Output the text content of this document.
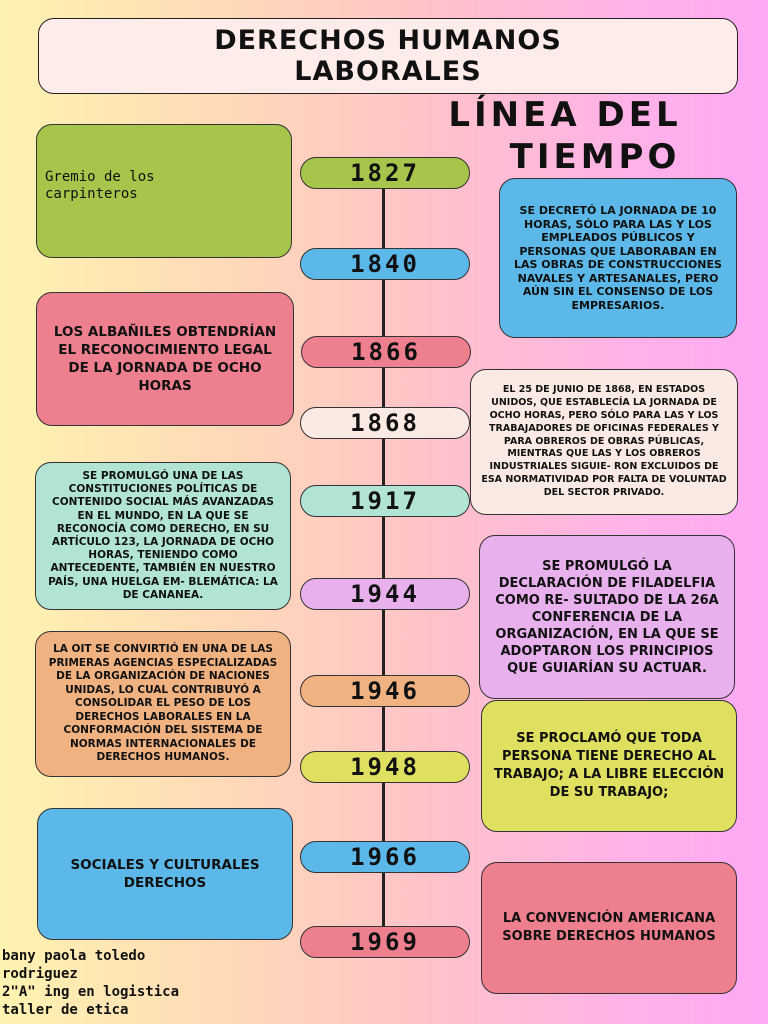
DERECHOS HUMANOS
LABORALES
LÍNEA DEL
TIEMPO
1827
1840
1866
1868
1917
1944
1946
1948
1966
1969
Gremio de los carpinteros
SE DECRETÓ LA JORNADA DE 10 HORAS, SÓLO PARA LAS Y LOS EMPLEADOS PÚBLICOS Y PERSONAS QUE LABORABAN EN LAS OBRAS DE CONSTRUCCIONES NAVALES Y ARTESANALES, PERO AÚN SIN EL CONSENSO DE LOS EMPRESARIOS.
LOS ALBAÑILES OBTENDRÍAN EL RECONOCIMIENTO LEGAL DE LA JORNADA DE OCHO HORAS	EL 25 DE JUNIO DE 1868, EN ESTADOS UNIDOS, QUE ESTABLECÍA LA JORNADA DE OCHO HORAS, PERO SÓLO PARA LAS Y LOS TRABAJADORES DE OFICINAS FEDERALES Y PARA OBREROS DE OBRAS PÚBLICAS, MIENTRAS QUE LAS Y LOS OBREROS INDUSTRIALES SIGUIE- RON EXCLUIDOS DE ESA NORMATIVIDAD POR FALTA DE VOLUNTAD DEL SECTOR PRIVADO.
SE PROMULGÓ UNA DE LAS CONSTITUCIONES POLÍTICAS DE CONTENIDO SOCIAL MÁS AVANZADAS EN EL MUNDO, EN LA QUE SE RECONOCÍA COMO DERECHO, EN SU ARTÍCULO 123, LA JORNADA DE OCHO HORAS, TENIENDO COMO ANTECEDENTE, TAMBIÉN EN NUESTRO PAÍS, UNA HUELGA EM- BLEMÁTICA: LA DE CANANEA.
SE PROMULGÓ LA DECLARACIÓN DE FILADELFIA COMO RE- SULTADO DE LA 26A CONFERENCIA DE LA ORGANIZACIÓN, EN LA QUE SE ADOPTARON LOS PRINCIPIOS QUE GUIARÍAN SU ACTUAR.
LA OIT SE CONVIRTIÓ EN UNA DE LAS PRIMERAS AGENCIAS ESPECIALIZADAS DE LA ORGANIZACIÓN DE NACIONES UNIDAS, LO CUAL CONTRIBUYÓ A CONSOLIDAR EL PESO DE LOS DERECHOS LABORALES EN LA CONFORMACIÓN DEL SISTEMA DE NORMAS INTERNACIONALES DE DERECHOS HUMANOS.
SE PROCLAMÓ QUE TODA PERSONA TIENE DERECHO AL TRABAJO; A LA LIBRE ELECCIÓN DE SU TRABAJO;
SOCIALES Y CULTURALES DERECHOS
LA CONVENCIÓN AMERICANA SOBRE DERECHOS HUMANOS
bany paola toledo
rodriguez
2"A" ing en logistica
taller de etica
